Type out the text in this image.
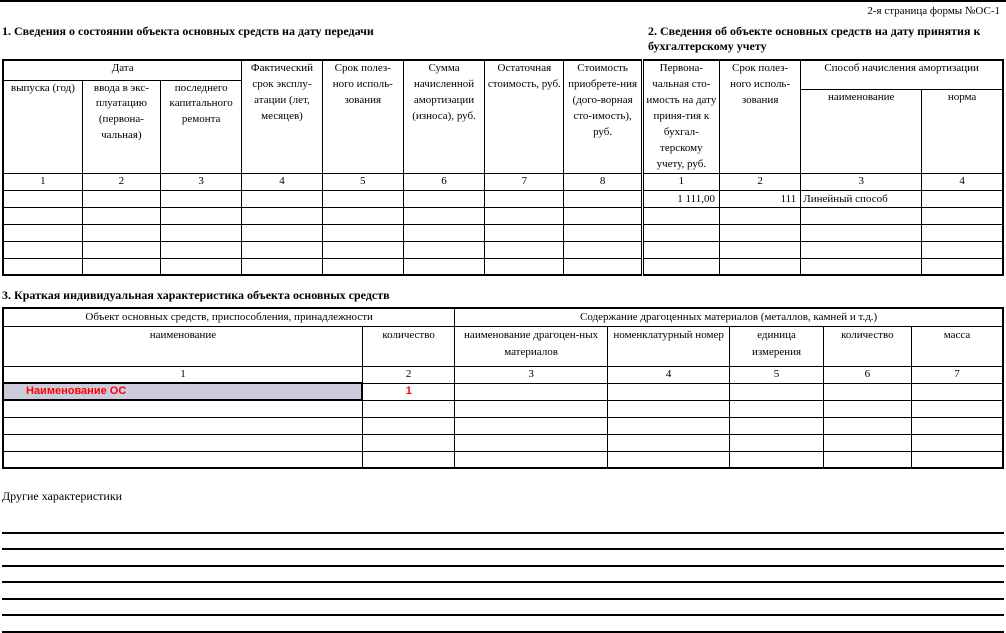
2-я страница формы №ОС-1
1. Сведения о состоянии объекта основных средств на дату передачи	2. Сведения об объекте основных средств на дату принятия к бухгалтерскому учету
Дата			Фактический срок эксплу-атации (лет, месяцев)	Срок полез-ного исполь-зования	Сумма начисленной амортизации (износа), руб.	Остаточная стоимость, руб.	Стоимость приобрете-ния (дого-ворная сто-имость), руб.	Первона-чальная сто-имость на дату приня-тия к бухгал-терскому учету, руб.	Срок полез-ного исполь-зования	Способ начисления амортизации	
выпуска (год)	ввода в экс-плуатацию (первона-чальная)	последнего капитального ремонта									
										наименование	норма
1	2	3	4	5	6	7	8	1	2	3	4
								1 111,00	111	Линейный способ	

3. Краткая индивидуальная характеристика объекта основных средств
Объект основных средств, приспособления, принадлежности		Содержание драгоценных материалов (металлов, камней и т.д.)				
наименование	количество	наименование драгоцен-ных материалов	номенклатурный номер	единица измерения	количество	масса
1	2	3	4	5	6	7
Наименование ОС	1					

Другие характеристики
